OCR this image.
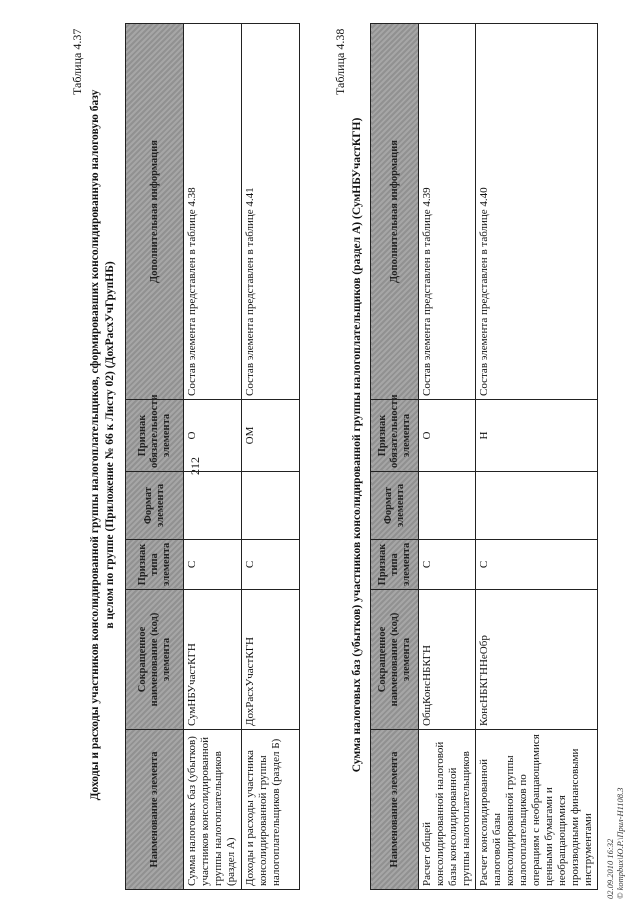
212
Таблица 4.37
Доходы и расходы участников консолидированной группы налогоплательщиков, сформировавших консолидированную налоговую базу в целом по группе (Приложение № 66 к Листу 02) (ДохРасхУчГрупНБ)
Наименование элемента	Сокращенное наименование (код) элемента	Признак типа элемента	Формат элемента	Признак обязательности элемента	Дополнительная информация
Сумма налоговых баз (убытков) участников консолидированной группы налогоплательщиков (раздел А)	СумНБУчастКГН	С		О	Состав элемента представлен в таблице 4.38
Доходы и расходы участника консолидированной группы налогоплательщиков (раздел Б)	ДохРасхУчастКГН	С		ОМ	Состав элемента представлен в таблице 4.41
Таблица 4.38
Сумма налоговых баз (убытков) участников консолидированной группы налогоплательщиков (раздел А) (СумНБУчастКГН)
Наименование элемента	Сокращенное наименование (код) элемента	Признак типа элемента	Формат элемента	Признак обязательности элемента	Дополнительная информация
Расчет общей консолидированной налоговой базы консолидированной группы налогоплательщиков	ОбщКонсНБКГН	С		О	Состав элемента представлен в таблице 4.39
Расчет консолидированной налоговой базы консолидированной группы налогоплательщиков по операциям с необращающимися ценными бумагами и необращающимися производными финансовыми инструментами	КонсНБКГННеОбр	С		Н	Состав элемента представлен в таблице 4.40
02.09.2010 16:32 © kompbux\Ю.Р.\Прил-Н1108.3
